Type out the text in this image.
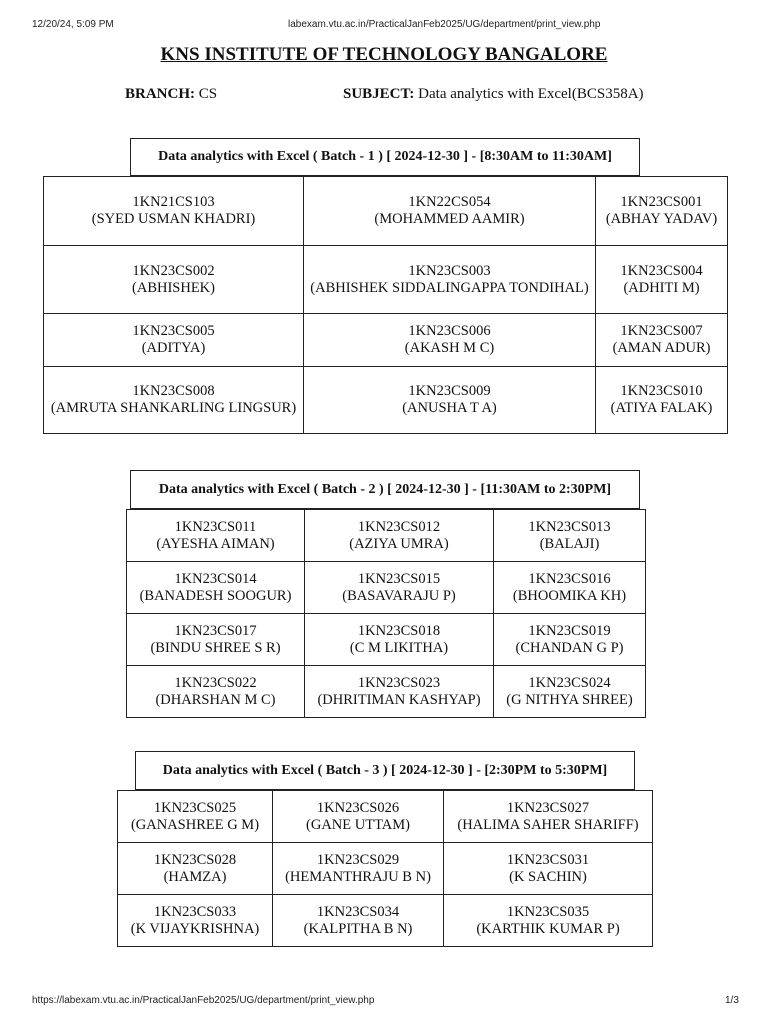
12/20/24, 5:09 PM	labexam.vtu.ac.in/PracticalJanFeb2025/UG/department/print_view.php
KNS INSTITUTE OF TECHNOLOGY BANGALORE
BRANCH: CS	SUBJECT: Data analytics with Excel(BCS358A)
Data analytics with Excel ( Batch - 1 ) [ 2024-12-30 ] - [8:30AM to 11:30AM]
1KN21CS103
(SYED USMAN KHADRI)	1KN22CS054
(MOHAMMED AAMIR)	1KN23CS001
(ABHAY YADAV)

1KN23CS002
(ABHISHEK)	1KN23CS003
(ABHISHEK SIDDALINGAPPA TONDIHAL)	1KN23CS004
(ADHITI M)

1KN23CS005
(ADITYA)	1KN23CS006
(AKASH M C)	1KN23CS007
(AMAN ADUR)

1KN23CS008
(AMRUTA SHANKARLING LINGSUR)	1KN23CS009
(ANUSHA T A)	1KN23CS010
(ATIYA FALAK)
Data analytics with Excel ( Batch - 2 ) [ 2024-12-30 ] - [11:30AM to 2:30PM]
1KN23CS011
(AYESHA AIMAN)	1KN23CS012
(AZIYA UMRA)	1KN23CS013
(BALAJI)

1KN23CS014
(BANADESH SOOGUR)	1KN23CS015
(BASAVARAJU P)	1KN23CS016
(BHOOMIKA KH)

1KN23CS017
(BINDU SHREE S R)	1KN23CS018
(C M LIKITHA)	1KN23CS019
(CHANDAN G P)

1KN23CS022
(DHARSHAN M C)	1KN23CS023
(DHRITIMAN KASHYAP)	1KN23CS024
(G NITHYA SHREE)
Data analytics with Excel ( Batch - 3 ) [ 2024-12-30 ] - [2:30PM to 5:30PM]
1KN23CS025
(GANASHREE G M)	1KN23CS026
(GANE UTTAM)	1KN23CS027
(HALIMA SAHER SHARIFF)

1KN23CS028
(HAMZA)	1KN23CS029
(HEMANTHRAJU B N)	1KN23CS031
(K SACHIN)

1KN23CS033
(K VIJAYKRISHNA)	1KN23CS034
(KALPITHA B N)	1KN23CS035
(KARTHIK KUMAR P)
https://labexam.vtu.ac.in/PracticalJanFeb2025/UG/department/print_view.php	1/3
